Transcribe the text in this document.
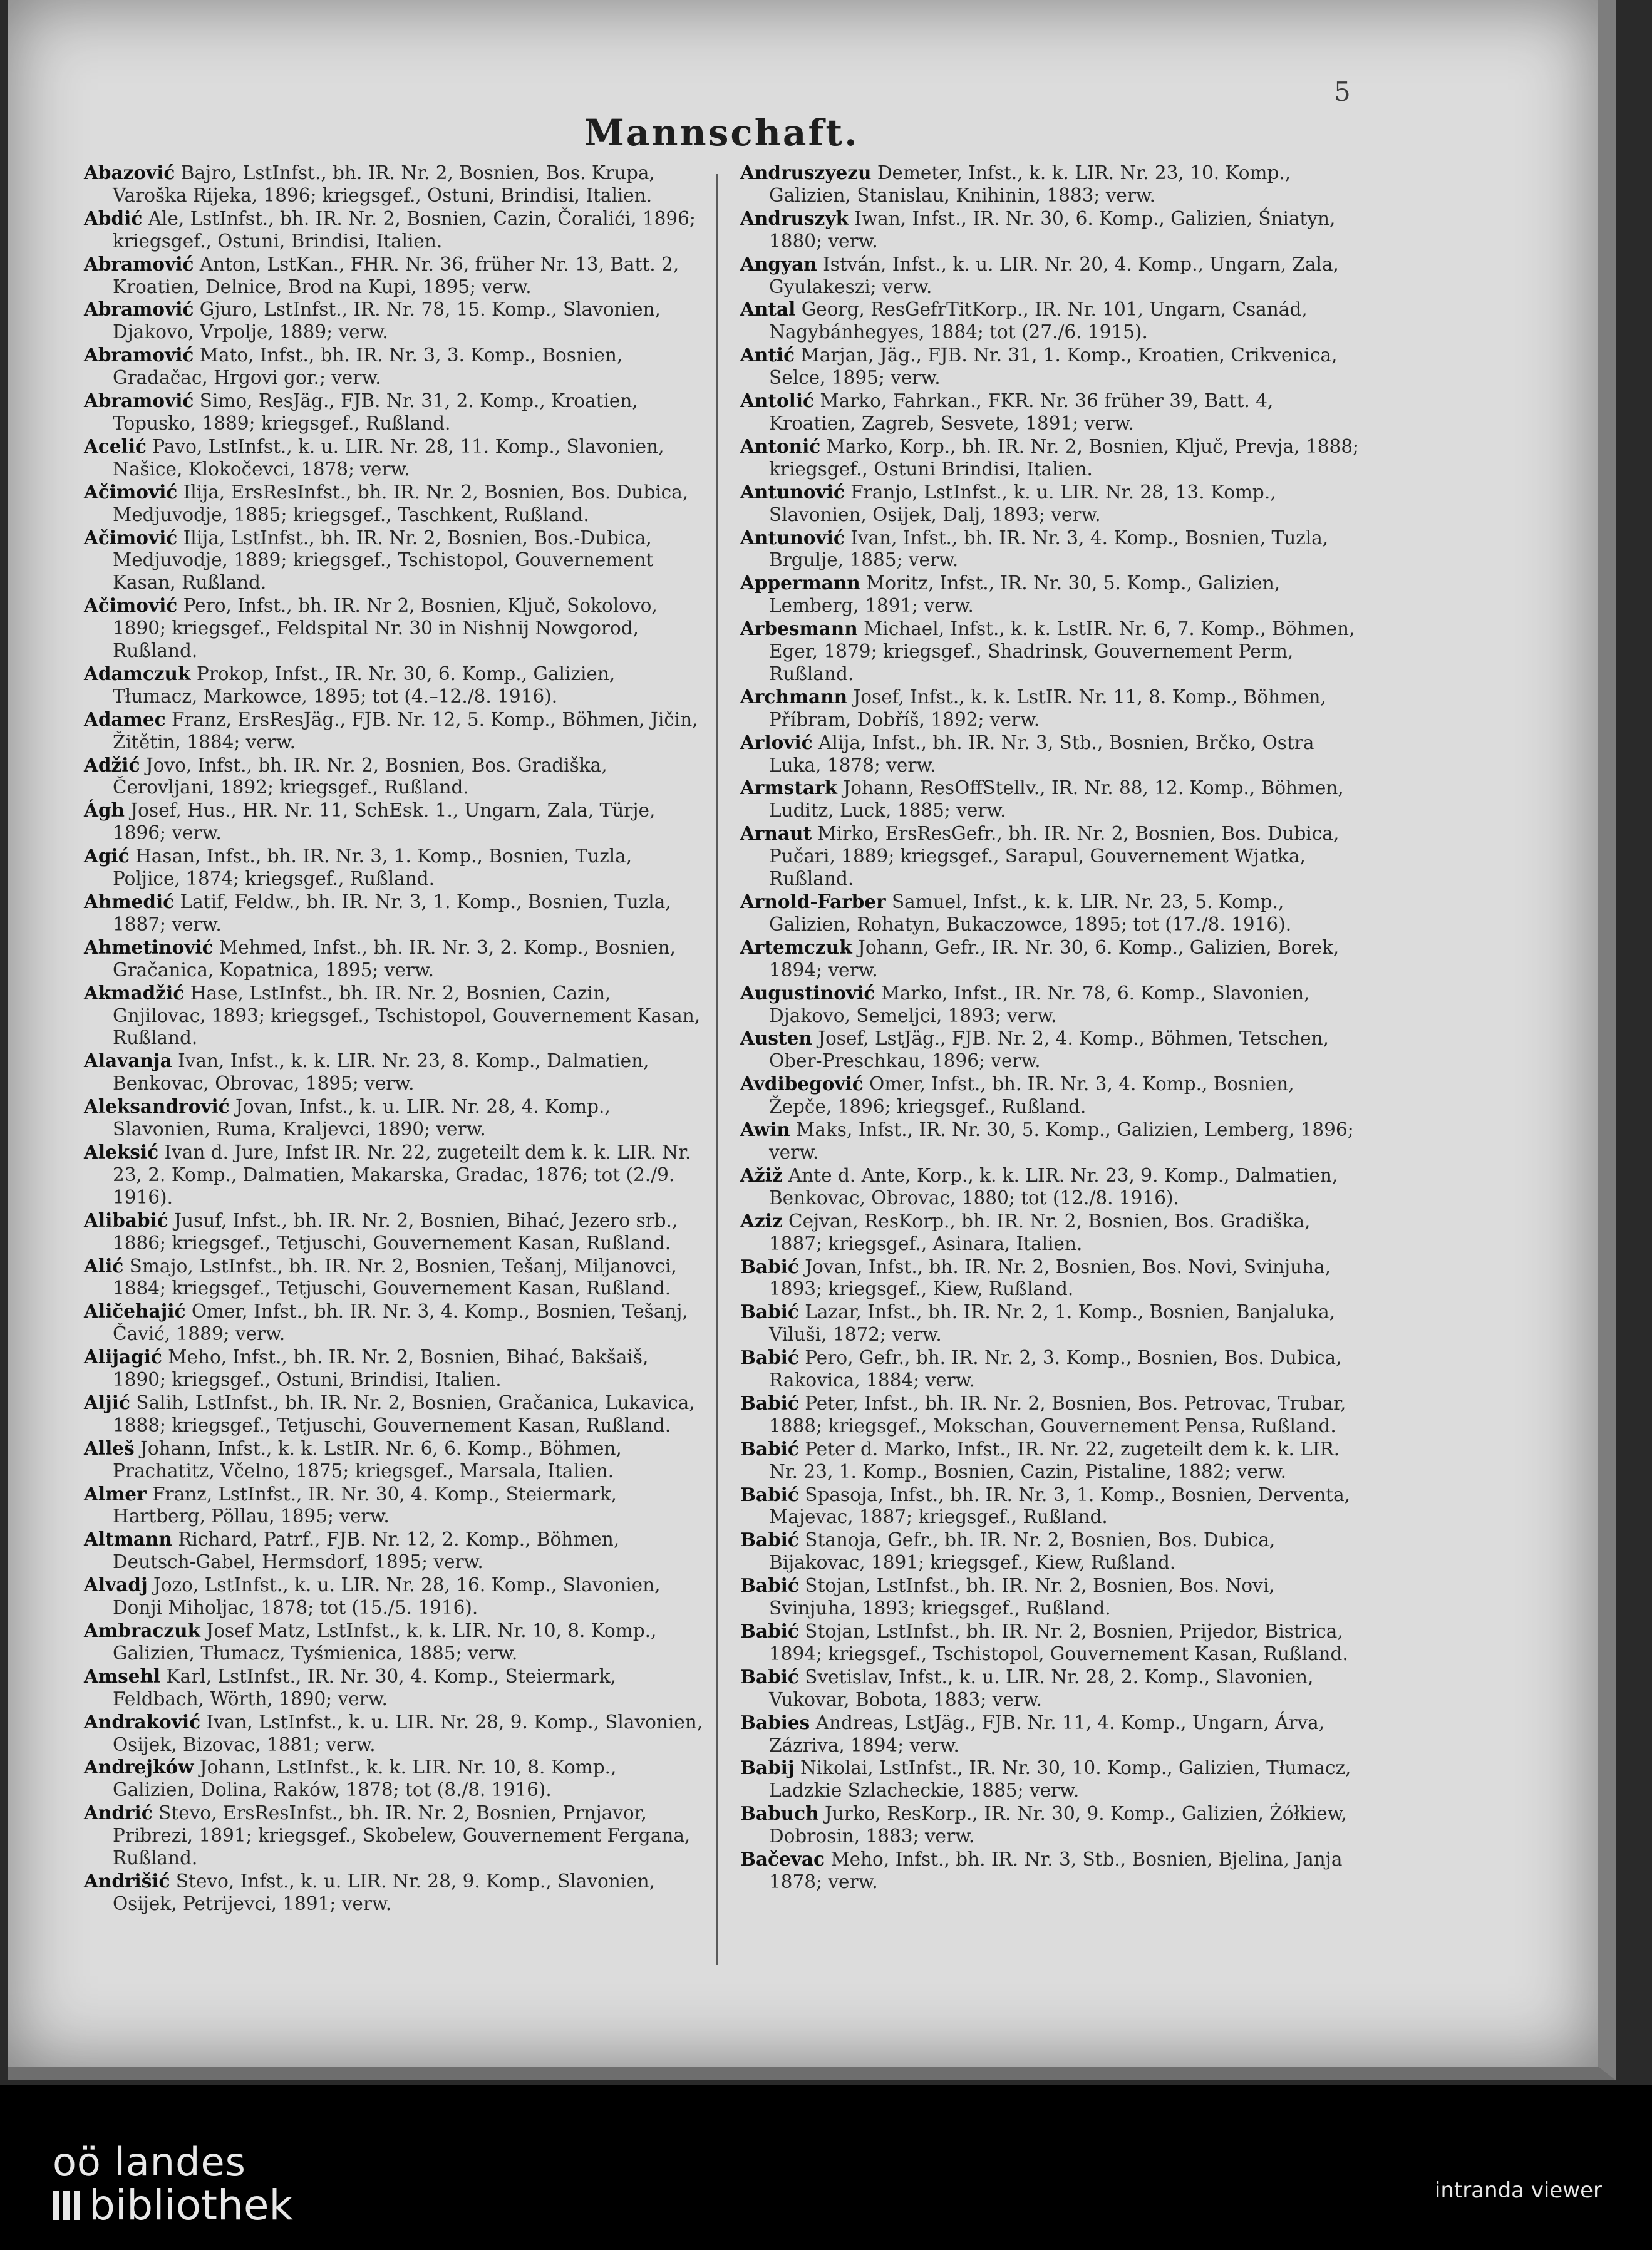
5
Mannschaft.

Abazović Bajro, LstInfst., bh. IR. Nr. 2, Bosnien, Bos. Krupa, Varoška Rijeka, 1896; kriegsgef., Ostuni, Brindisi, Italien.

Abdić Ale, LstInfst., bh. IR. Nr. 2, Bosnien, Cazin, Čoralići, 1896; kriegsgef., Ostuni, Brindisi, Italien.

Abramović Anton, LstKan., FHR. Nr. 36, früher Nr. 13, Batt. 2, Kroatien, Delnice, Brod na Kupi, 1895; verw.

Abramović Gjuro, LstInfst., IR. Nr. 78, 15. Komp., Slavonien, Djakovo, Vrpolje, 1889; verw.

Abramović Mato, Infst., bh. IR. Nr. 3, 3. Komp., Bosnien, Gradačac, Hrgovi gor.; verw.

Abramović Simo, ResJäg., FJB. Nr. 31, 2. Komp., Kroatien, Topusko, 1889; kriegsgef., Rußland.

Acelić Pavo, LstInfst., k. u. LIR. Nr. 28, 11. Komp., Slavonien, Našice, Klokočevci, 1878; verw.

Ačimović Ilija, ErsResInfst., bh. IR. Nr. 2, Bosnien, Bos. Dubica, Medjuvodje, 1885; kriegsgef., Taschkent, Rußland.

Ačimović Ilija, LstInfst., bh. IR. Nr. 2, Bosnien, Bos.-Dubica, Medjuvodje, 1889; kriegsgef., Tschistopol, Gouvernement Kasan, Rußland.

Ačimović Pero, Infst., bh. IR. Nr 2, Bosnien, Ključ, Sokolovo, 1890; kriegsgef., Feldspital Nr. 30 in Nishnij Nowgorod, Rußland.

Adamczuk Prokop, Infst., IR. Nr. 30, 6. Komp., Galizien, Tłumacz, Markowce, 1895; tot (4.–12./8. 1916).

Adamec Franz, ErsResJäg., FJB. Nr. 12, 5. Komp., Böhmen, Jičin, Žitětin, 1884; verw.

Adžić Jovo, Infst., bh. IR. Nr. 2, Bosnien, Bos. Gradiška, Čerovljani, 1892; kriegsgef., Rußland.

Ágh Josef, Hus., HR. Nr. 11, SchEsk. 1., Ungarn, Zala, Türje, 1896; verw.

Agić Hasan, Infst., bh. IR. Nr. 3, 1. Komp., Bosnien, Tuzla, Poljice, 1874; kriegsgef., Rußland.

Ahmedić Latif, Feldw., bh. IR. Nr. 3, 1. Komp., Bosnien, Tuzla, 1887; verw.

Ahmetinović Mehmed, Infst., bh. IR. Nr. 3, 2. Komp., Bosnien, Gračanica, Kopatnica, 1895; verw.

Akmadžić Hase, LstInfst., bh. IR. Nr. 2, Bosnien, Cazin, Gnjilovac, 1893; kriegsgef., Tschistopol, Gouvernement Kasan, Rußland.

Alavanja Ivan, Infst., k. k. LIR. Nr. 23, 8. Komp., Dalmatien, Benkovac, Obrovac, 1895; verw.

Aleksandrović Jovan, Infst., k. u. LIR. Nr. 28, 4. Komp., Slavonien, Ruma, Kraljevci, 1890; verw.

Aleksić Ivan d. Jure, Infst IR. Nr. 22, zugeteilt dem k. k. LIR. Nr. 23, 2. Komp., Dalmatien, Makarska, Gradac, 1876; tot (2./9. 1916).

Alibabić Jusuf, Infst., bh. IR. Nr. 2, Bosnien, Bihać, Jezero srb., 1886; kriegsgef., Tetjuschi, Gouvernement Kasan, Rußland.

Alić Smajo, LstInfst., bh. IR. Nr. 2, Bosnien, Tešanj, Miljanovci, 1884; kriegsgef., Tetjuschi, Gouvernement Kasan, Rußland.

Aličehajić Omer, Infst., bh. IR. Nr. 3, 4. Komp., Bosnien, Tešanj, Čavić, 1889; verw.

Alijagić Meho, Infst., bh. IR. Nr. 2, Bosnien, Bihać, Bakšaiš, 1890; kriegsgef., Ostuni, Brindisi, Italien.

Aljić Salih, LstInfst., bh. IR. Nr. 2, Bosnien, Gračanica, Lukavica, 1888; kriegsgef., Tetjuschi, Gouvernement Kasan, Rußland.

Alleš Johann, Infst., k. k. LstIR. Nr. 6, 6. Komp., Böhmen, Prachatitz, Včelno, 1875; kriegsgef., Marsala, Italien.

Almer Franz, LstInfst., IR. Nr. 30, 4. Komp., Steiermark, Hartberg, Pöllau, 1895; verw.

Altmann Richard, Patrf., FJB. Nr. 12, 2. Komp., Böhmen, Deutsch-Gabel, Hermsdorf, 1895; verw.

Alvadj Jozo, LstInfst., k. u. LIR. Nr. 28, 16. Komp., Slavonien, Donji Miholjac, 1878; tot (15./5. 1916).

Ambraczuk Josef Matz, LstInfst., k. k. LIR. Nr. 10, 8. Komp., Galizien, Tłumacz, Tyśmienica, 1885; verw.

Amsehl Karl, LstInfst., IR. Nr. 30, 4. Komp., Steiermark, Feldbach, Wörth, 1890; verw.

Andraković Ivan, LstInfst., k. u. LIR. Nr. 28, 9. Komp., Slavonien, Osijek, Bizovac, 1881; verw.

Andrejków Johann, LstInfst., k. k. LIR. Nr. 10, 8. Komp., Galizien, Dolina, Raków, 1878; tot (8./8. 1916).

Andrić Stevo, ErsResInfst., bh. IR. Nr. 2, Bosnien, Prnjavor, Pribrezi, 1891; kriegsgef., Skobelew, Gouvernement Fergana, Rußland.

Andrišić Stevo, Infst., k. u. LIR. Nr. 28, 9. Komp., Slavonien, Osijek, Petrijevci, 1891; verw.

Andruszyezu Demeter, Infst., k. k. LIR. Nr. 23, 10. Komp., Galizien, Stanislau, Knihinin, 1883; verw.

Andruszyk Iwan, Infst., IR. Nr. 30, 6. Komp., Galizien, Śniatyn, 1880; verw.

Angyan István, Infst., k. u. LIR. Nr. 20, 4. Komp., Ungarn, Zala, Gyulakeszi; verw.

Antal Georg, ResGefrTitKorp., IR. Nr. 101, Ungarn, Csanád, Nagybánhegyes, 1884; tot (27./6. 1915).

Antić Marjan, Jäg., FJB. Nr. 31, 1. Komp., Kroatien, Crikvenica, Selce, 1895; verw.

Antolić Marko, Fahrkan., FKR. Nr. 36 früher 39, Batt. 4, Kroatien, Zagreb, Sesvete, 1891; verw.

Antonić Marko, Korp., bh. IR. Nr. 2, Bosnien, Ključ, Prevja, 1888; kriegsgef., Ostuni Brindisi, Italien.

Antunović Franjo, LstInfst., k. u. LIR. Nr. 28, 13. Komp., Slavonien, Osijek, Dalj, 1893; verw.

Antunović Ivan, Infst., bh. IR. Nr. 3, 4. Komp., Bosnien, Tuzla, Brgulje, 1885; verw.

Appermann Moritz, Infst., IR. Nr. 30, 5. Komp., Galizien, Lemberg, 1891; verw.

Arbesmann Michael, Infst., k. k. LstIR. Nr. 6, 7. Komp., Böhmen, Eger, 1879; kriegsgef., Shadrinsk, Gouvernement Perm, Rußland.

Archmann Josef, Infst., k. k. LstIR. Nr. 11, 8. Komp., Böhmen, Příbram, Dobříš, 1892; verw.

Arlović Alija, Infst., bh. IR. Nr. 3, Stb., Bosnien, Brčko, Ostra Luka, 1878; verw.

Armstark Johann, ResOffStellv., IR. Nr. 88, 12. Komp., Böhmen, Luditz, Luck, 1885; verw.

Arnaut Mirko, ErsResGefr., bh. IR. Nr. 2, Bosnien, Bos. Dubica, Pučari, 1889; kriegsgef., Sarapul, Gouvernement Wjatka, Rußland.

Arnold-Farber Samuel, Infst., k. k. LIR. Nr. 23, 5. Komp., Galizien, Rohatyn, Bukaczowce, 1895; tot (17./8. 1916).

Artemczuk Johann, Gefr., IR. Nr. 30, 6. Komp., Galizien, Borek, 1894; verw.

Augustinović Marko, Infst., IR. Nr. 78, 6. Komp., Slavonien, Djakovo, Semeljci, 1893; verw.

Austen Josef, LstJäg., FJB. Nr. 2, 4. Komp., Böhmen, Tetschen, Ober-Preschkau, 1896; verw.

Avdibegović Omer, Infst., bh. IR. Nr. 3, 4. Komp., Bosnien, Žepče, 1896; kriegsgef., Rußland.

Awin Maks, Infst., IR. Nr. 30, 5. Komp., Galizien, Lemberg, 1896; verw.

Ažiž Ante d. Ante, Korp., k. k. LIR. Nr. 23, 9. Komp., Dalmatien, Benkovac, Obrovac, 1880; tot (12./8. 1916).

Aziz Cejvan, ResKorp., bh. IR. Nr. 2, Bosnien, Bos. Gradiška, 1887; kriegsgef., Asinara, Italien.

Babić Jovan, Infst., bh. IR. Nr. 2, Bosnien, Bos. Novi, Svinjuha, 1893; kriegsgef., Kiew, Rußland.

Babić Lazar, Infst., bh. IR. Nr. 2, 1. Komp., Bosnien, Banjaluka, Viluši, 1872; verw.

Babić Pero, Gefr., bh. IR. Nr. 2, 3. Komp., Bosnien, Bos. Dubica, Rakovica, 1884; verw.

Babić Peter, Infst., bh. IR. Nr. 2, Bosnien, Bos. Petrovac, Trubar, 1888; kriegsgef., Mokschan, Gouvernement Pensa, Rußland.

Babić Peter d. Marko, Infst., IR. Nr. 22, zugeteilt dem k. k. LIR. Nr. 23, 1. Komp., Bosnien, Cazin, Pistaline, 1882; verw.

Babić Spasoja, Infst., bh. IR. Nr. 3, 1. Komp., Bosnien, Derventa, Majevac, 1887; kriegsgef., Rußland.

Babić Stanoja, Gefr., bh. IR. Nr. 2, Bosnien, Bos. Dubica, Bijakovac, 1891; kriegsgef., Kiew, Rußland.

Babić Stojan, LstInfst., bh. IR. Nr. 2, Bosnien, Bos. Novi, Svinjuha, 1893; kriegsgef., Rußland.

Babić Stojan, LstInfst., bh. IR. Nr. 2, Bosnien, Prijedor, Bistrica, 1894; kriegsgef., Tschistopol, Gouvernement Kasan, Rußland.

Babić Svetislav, Infst., k. u. LIR. Nr. 28, 2. Komp., Slavonien, Vukovar, Bobota, 1883; verw.

Babies Andreas, LstJäg., FJB. Nr. 11, 4. Komp., Ungarn, Árva, Zázriva, 1894; verw.

Babij Nikolai, LstInfst., IR. Nr. 30, 10. Komp., Galizien, Tłumacz, Ladzkie Szlacheckie, 1885; verw.

Babuch Jurko, ResKorp., IR. Nr. 30, 9. Komp., Galizien, Żółkiew, Dobrosin, 1883; verw.

Bačevac Meho, Infst., bh. IR. Nr. 3, Stb., Bosnien, Bjelina, Janja 1878; verw.

oö landes
bibliothek	intranda viewer
